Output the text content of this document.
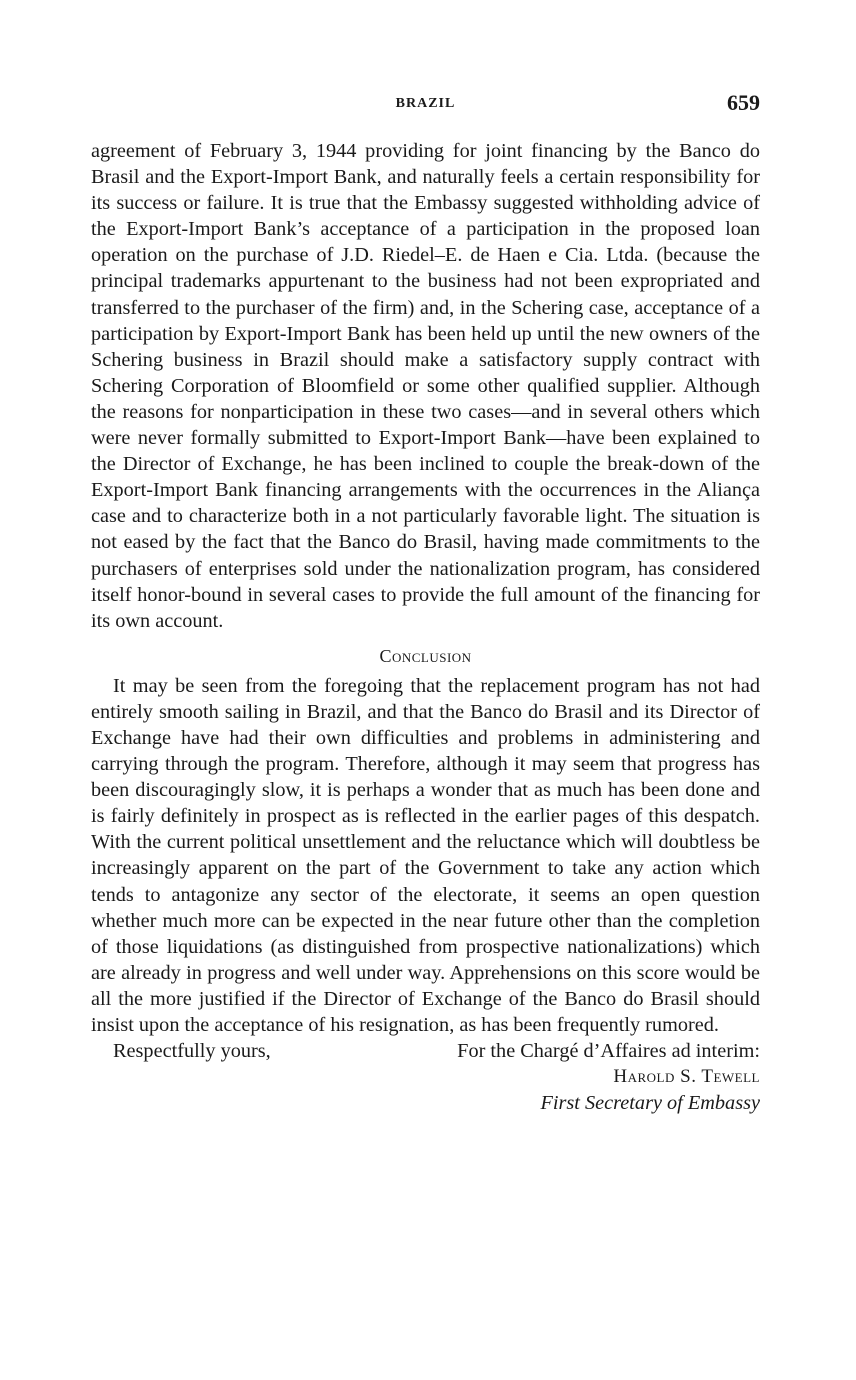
BRAZIL	659

agreement of February 3, 1944 providing for joint financing by the Banco do Brasil and the Export-Import Bank, and naturally feels a certain responsibility for its success or failure. It is true that the Embassy suggested withholding advice of the Export-Import Bank’s acceptance of a participation in the proposed loan operation on the purchase of J.D. Riedel–E. de Haen e Cia. Ltda. (because the principal trademarks appurtenant to the business had not been expropriated and transferred to the purchaser of the firm) and, in the Schering case, acceptance of a participation by Export-Import Bank has been held up until the new owners of the Schering business in Brazil should make a satisfactory supply contract with Schering Corporation of Bloomfield or some other qualified supplier. Although the reasons for nonparticipation in these two cases—and in several others which were never formally submitted to Export-Import Bank—have been explained to the Director of Exchange, he has been inclined to couple the break-down of the Export-Import Bank financing arrangements with the occurrences in the Aliança case and to characterize both in a not particularly favorable light. The situation is not eased by the fact that the Banco do Brasil, having made commitments to the purchasers of enterprises sold under the nationalization program, has considered itself honor-bound in several cases to provide the full amount of the financing for its own account.

Conclusion

It may be seen from the foregoing that the replacement program has not had entirely smooth sailing in Brazil, and that the Banco do Brasil and its Director of Exchange have had their own difficulties and problems in administering and carrying through the program. Therefore, although it may seem that progress has been discouragingly slow, it is perhaps a wonder that as much has been done and is fairly definitely in prospect as is reflected in the earlier pages of this despatch. With the current political unsettlement and the reluctance which will doubtless be increasingly apparent on the part of the Government to take any action which tends to antagonize any sector of the electorate, it seems an open question whether much more can be expected in the near future other than the completion of those liquidations (as distinguished from prospective nationalizations) which are already in progress and well under way. Apprehensions on this score would be all the more justified if the Director of Exchange of the Banco do Brasil should insist upon the acceptance of his resignation, as has been frequently rumored.

Respectfully yours,	For the Chargé d’Affaires ad interim:
Harold S. Tewell
First Secretary of Embassy
